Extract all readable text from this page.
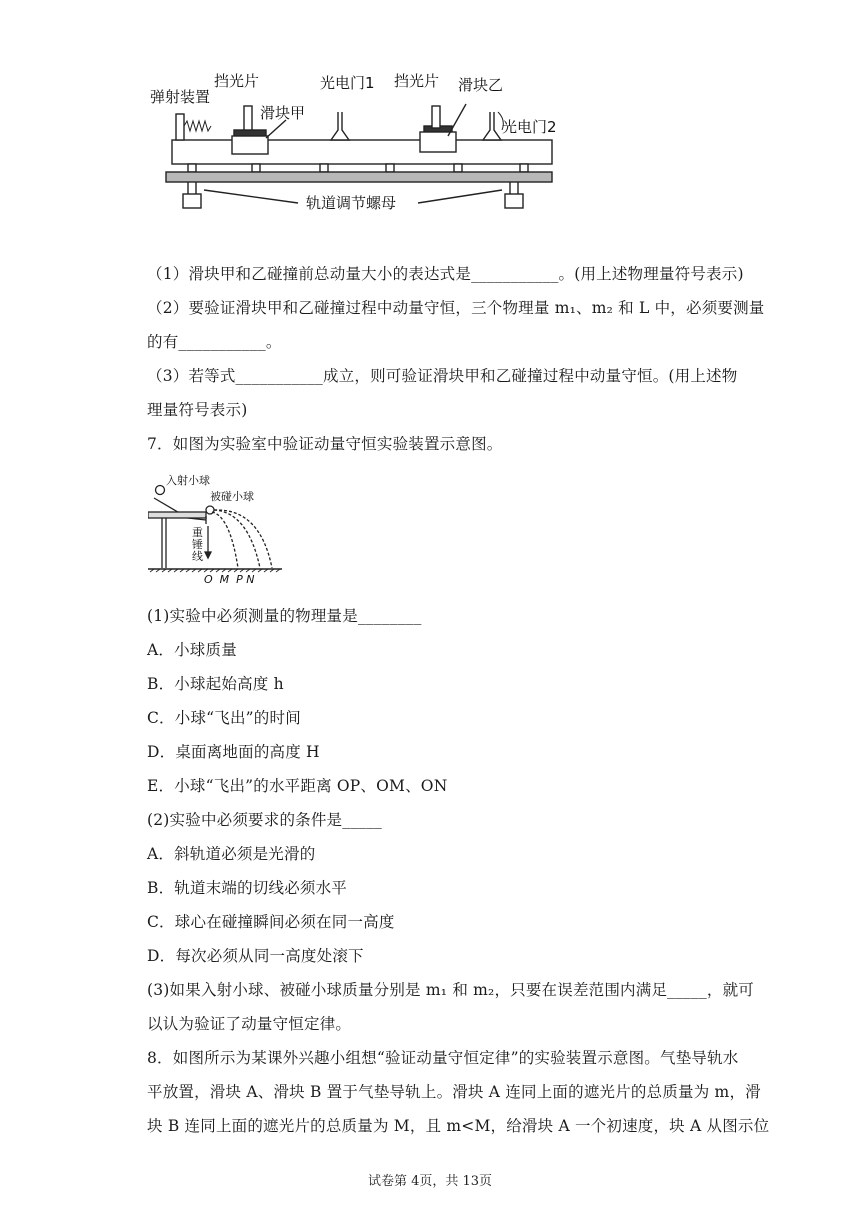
弹射装置
挡光片
滑块甲
光电门1 挡光片 滑块乙
光电门2
轨道调节螺母
（1）滑块甲和乙碰撞前总动量大小的表达式是___________。(用上述物理量符号表示)
（2）要验证滑块甲和乙碰撞过程中动量守恒，三个物理量 m₁、m₂ 和 L 中，必须要测量
的有___________。
（3）若等式___________成立，则可验证滑块甲和乙碰撞过程中动量守恒。(用上述物
理量符号表示)
7．如图为实验室中验证动量守恒实验装置示意图。
入射小球
被碰小球
重
锤
线
O  M  P N
(1)实验中必须测量的物理量是________
A．小球质量
B．小球起始高度 h
C．小球“飞出”的时间
D．桌面离地面的高度 H
E．小球“飞出”的水平距离 OP、OM、ON
(2)实验中必须要求的条件是_____
A．斜轨道必须是光滑的
B．轨道末端的切线必须水平
C．球心在碰撞瞬间必须在同一高度
D．每次必须从同一高度处滚下
(3)如果入射小球、被碰小球质量分别是 m₁ 和 m₂，只要在误差范围内满足_____，就可
以认为验证了动量守恒定律。
8．如图所示为某课外兴趣小组想“验证动量守恒定律”的实验装置示意图。气垫导轨水
平放置，滑块 A、滑块 B 置于气垫导轨上。滑块 A 连同上面的遮光片的总质量为 m，滑
块 B 连同上面的遮光片的总质量为 M，且 m<M，给滑块 A 一个初速度，块 A 从图示位
试卷第 4页，共 13页
